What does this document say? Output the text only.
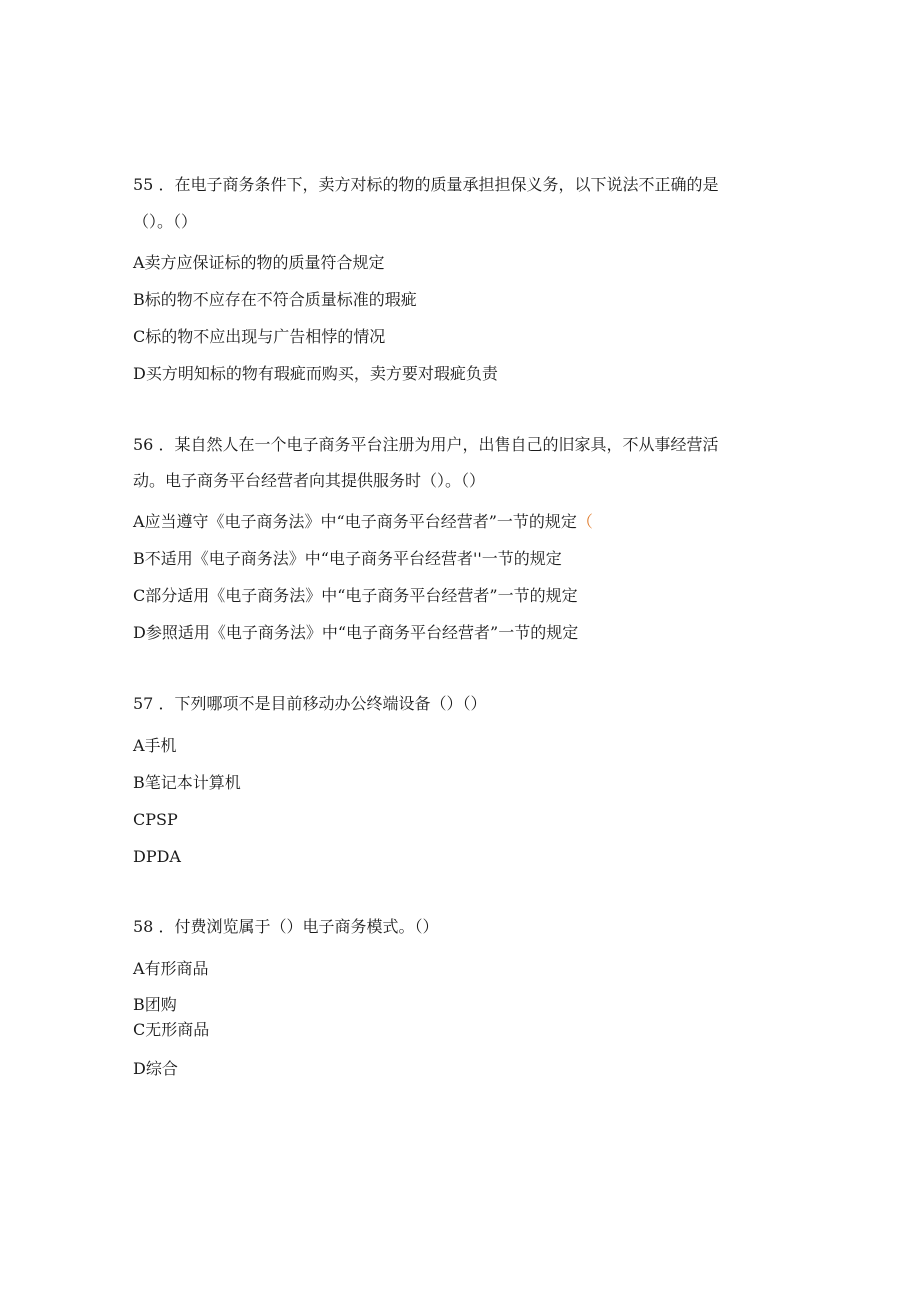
55 ．在电子商务条件下，卖方对标的物的质量承担担保义务，以下说法不正确的是
（）。（）
A卖方应保证标的物的质量符合规定
B标的物不应存在不符合质量标准的瑕疵
C标的物不应出现与广告相悖的情况
D买方明知标的物有瑕疵而购买，卖方要对瑕疵负责
56 ．某自然人在一个电子商务平台注册为用户，出售自己的旧家具，不从事经营活
动。电子商务平台经营者向其提供服务时（）。（）
A应当遵守《电子商务法》中“电子商务平台经营者”一节的规定（
B不适用《电子商务法》中“电子商务平台经营者''一节的规定
C部分适用《电子商务法》中“电子商务平台经营者”一节的规定
D参照适用《电子商务法》中“电子商务平台经营者”一节的规定
57 ．下列哪项不是目前移动办公终端设备（）（）
A手机
B笔记本计算机
CPSP
DPDA
58 ．付费浏览属于（）电子商务模式。（）
A有形商品
B团购
C无形商品
D综合
